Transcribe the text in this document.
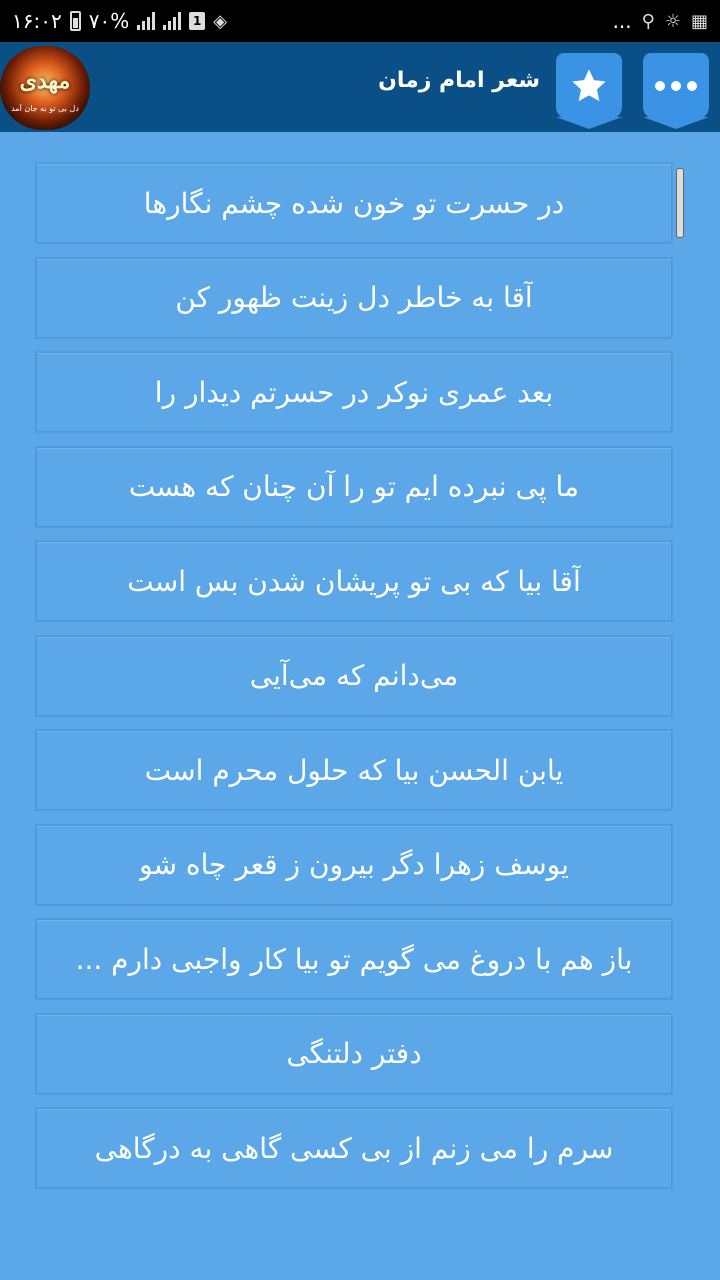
۱۶:۰۲ ۷۰%	1 ◈	... ⚲ ☼ ▦
مهدی
دل بی تو به جان آمد
شعر امام زمان
در حسرت تو خون شده چشم نگارها
آقا به خاطر دل زینت ظهور کن
بعد عمری نوکر در حسرتم دیدار را
ما پی نبرده ایم تو را آن چنان که هست
آقا بیا که بی تو پریشان شدن بس است
می‌دانم که می‌آیی
یابن الحسن بیا که حلول محرم است
یوسف زهرا دگر بیرون ز قعر چاه شو
باز هم با دروغ می گویم تو بیا کار واجبی دارم ...
دفتر دلتنگی
سرم را می زنم از بی کسی گاهی به درگاهی
